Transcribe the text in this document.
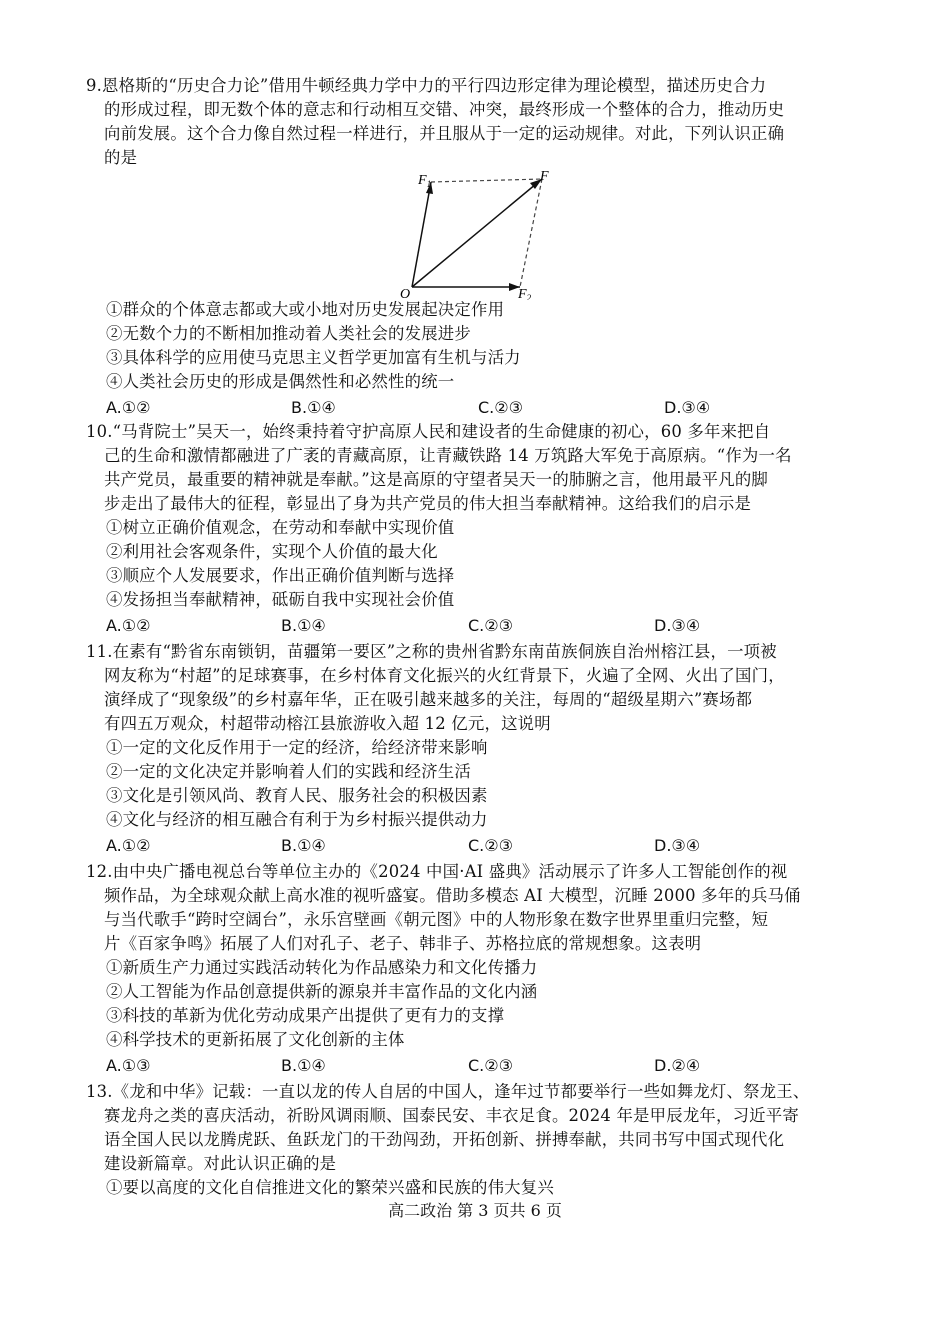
9.恩格斯的“历史合力论”借用牛顿经典力学中力的平行四边形定律为理论模型，描述历史合力
的形成过程，即无数个体的意志和行动相互交错、冲突，最终形成一个整体的合力，推动历史
向前发展。这个合力像自然过程一样进行，并且服从于一定的运动规律。对此，下列认识正确
的是
$F_1$	F
O	$F_2$
①群众的个体意志都或大或小地对历史发展起决定作用
②无数个力的不断相加推动着人类社会的发展进步
③具体科学的应用使马克思主义哲学更加富有生机与活力
④人类社会历史的形成是偶然性和必然性的统一
A.①②	B.①④	C.②③	D.③④
10.“马背院士”吴天一，始终秉持着守护高原人民和建设者的生命健康的初心，60 多年来把自
己的生命和激情都融进了广袤的青藏高原，让青藏铁路 14 万筑路大军免于高原病。“作为一名
共产党员，最重要的精神就是奉献。”这是高原的守望者吴天一的肺腑之言，他用最平凡的脚
步走出了最伟大的征程，彰显出了身为共产党员的伟大担当奉献精神。这给我们的启示是
①树立正确价值观念，在劳动和奉献中实现价值
②利用社会客观条件，实现个人价值的最大化
③顺应个人发展要求，作出正确价值判断与选择
④发扬担当奉献精神，砥砺自我中实现社会价值
A.①②	B.①④	C.②③	D.③④
11.在素有“黔省东南锁钥，苗疆第一要区”之称的贵州省黔东南苗族侗族自治州榕江县，一项被
网友称为“村超”的足球赛事，在乡村体育文化振兴的火红背景下，火遍了全网、火出了国门，
演绎成了“现象级”的乡村嘉年华，正在吸引越来越多的关注，每周的“超级星期六”赛场都
有四五万观众，村超带动榕江县旅游收入超 12 亿元，这说明
①一定的文化反作用于一定的经济，给经济带来影响
②一定的文化决定并影响着人们的实践和经济生活
③文化是引领风尚、教育人民、服务社会的积极因素
④文化与经济的相互融合有利于为乡村振兴提供动力
A.①②	B.①④	C.②③	D.③④
12.由中央广播电视总台等单位主办的《2024 中国·AI 盛典》活动展示了许多人工智能创作的视
频作品，为全球观众献上高水准的视听盛宴。借助多模态 AI 大模型，沉睡 2000 多年的兵马俑
与当代歌手“跨时空阔台”，永乐宫壁画《朝元图》中的人物形象在数字世界里重归完整，短
片《百家争鸣》拓展了人们对孔子、老子、韩非子、苏格拉底的常规想象。这表明
①新质生产力通过实践活动转化为作品感染力和文化传播力
②人工智能为作品创意提供新的源泉并丰富作品的文化内涵
③科技的革新为优化劳动成果产出提供了更有力的支撑
④科学技术的更新拓展了文化创新的主体
A.①③	B.①④	C.②③	D.②④
13.《龙和中华》记载：一直以龙的传人自居的中国人，逢年过节都要举行一些如舞龙灯、祭龙王、
赛龙舟之类的喜庆活动，祈盼风调雨顺、国泰民安、丰衣足食。2024 年是甲辰龙年，习近平寄
语全国人民以龙腾虎跃、鱼跃龙门的干劲闯劲，开拓创新、拼搏奉献，共同书写中国式现代化
建设新篇章。对此认识正确的是
①要以高度的文化自信推进文化的繁荣兴盛和民族的伟大复兴
高二政治 第 3 页共 6 页
